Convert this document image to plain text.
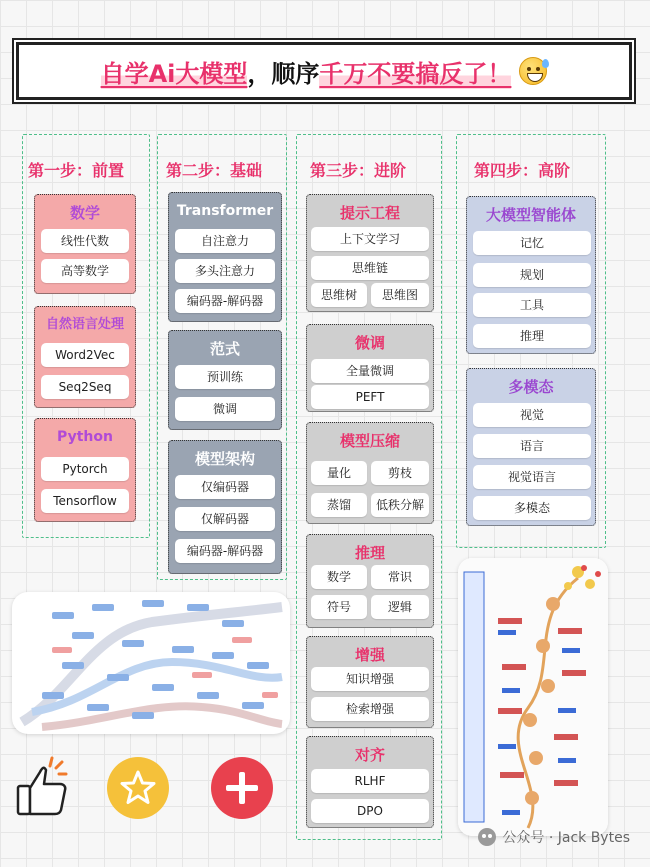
自学Ai大模型 ，顺序 千万不要搞反了！
第一步：前置
数学
线性代数
高等数学
自然语言处理
Word2Vec
Seq2Seq
Python
Pytorch
Tensorflow
第二步：基础
Transformer
自注意力
多头注意力
编码器-解码器
范式
预训练
微调
模型架构
仅编码器
仅解码器
编码器-解码器
第三步：进阶
提示工程
上下文学习
思维链
思维树	思维图
微调
全量微调
PEFT
模型压缩
量化	剪枝
蒸馏	低秩分解
推理
数学	常识
符号	逻辑
增强
知识增强
检索增强
对齐
RLHF
DPO
第四步：高阶
大模型智能体
记忆
规划
工具
推理
多模态
视觉
语言
视觉语言
多模态
公众号 · Jack Bytes
